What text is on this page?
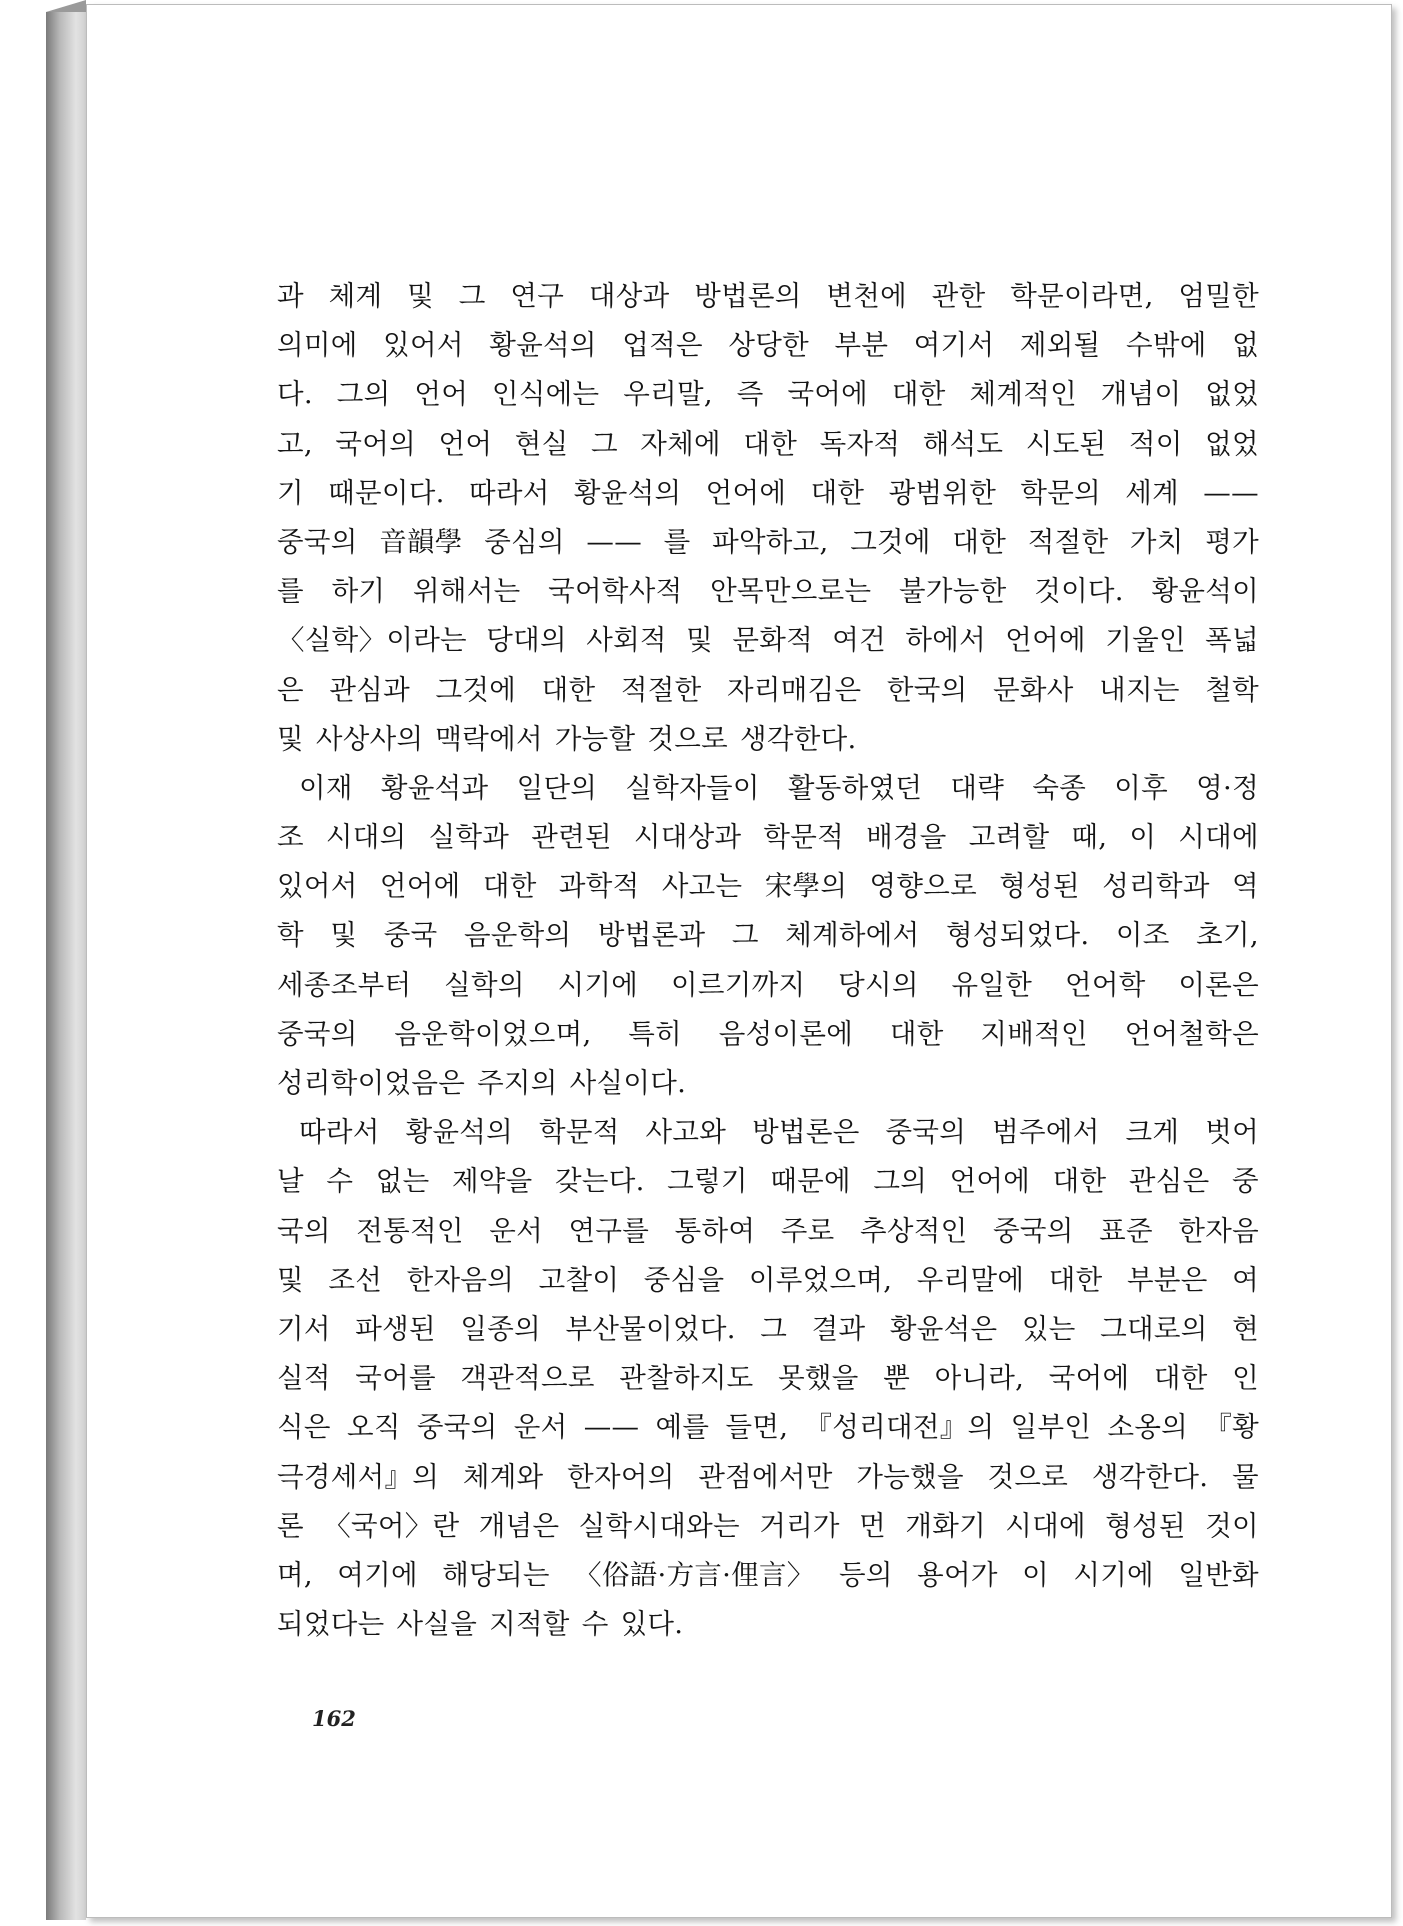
과 체계 및 그 연구 대상과 방법론의 변천에 관한 학문이라면, 엄밀한
의미에 있어서 황윤석의 업적은 상당한 부분 여기서 제외될 수밖에 없
다. 그의 언어 인식에는 우리말, 즉 국어에 대한 체계적인 개념이 없었
고, 국어의 언어 현실 그 자체에 대한 독자적 해석도 시도된 적이 없었
기 때문이다. 따라서 황윤석의 언어에 대한 광범위한 학문의 세계 ——
중국의 音韻學 중심의 —— 를 파악하고, 그것에 대한 적절한 가치 평가
를 하기 위해서는 국어학사적 안목만으로는 불가능한 것이다. 황윤석이
〈실학〉이라는 당대의 사회적 및 문화적 여건 하에서 언어에 기울인 폭넓
은 관심과 그것에 대한 적절한 자리매김은 한국의 문화사 내지는 철학
및 사상사의 맥락에서 가능할 것으로 생각한다.
이재 황윤석과 일단의 실학자들이 활동하였던 대략 숙종 이후 영·정
조 시대의 실학과 관련된 시대상과 학문적 배경을 고려할 때, 이 시대에
있어서 언어에 대한 과학적 사고는 宋學의 영향으로 형성된 성리학과 역
학 및 중국 음운학의 방법론과 그 체계하에서 형성되었다. 이조 초기,
세종조부터 실학의 시기에 이르기까지 당시의 유일한 언어학 이론은
중국의 음운학이었으며, 특히 음성이론에 대한 지배적인 언어철학은
성리학이었음은 주지의 사실이다.
따라서 황윤석의 학문적 사고와 방법론은 중국의 범주에서 크게 벗어
날 수 없는 제약을 갖는다. 그렇기 때문에 그의 언어에 대한 관심은 중
국의 전통적인 운서 연구를 통하여 주로 추상적인 중국의 표준 한자음
및 조선 한자음의 고찰이 중심을 이루었으며, 우리말에 대한 부분은 여
기서 파생된 일종의 부산물이었다. 그 결과 황윤석은 있는 그대로의 현
실적 국어를 객관적으로 관찰하지도 못했을 뿐 아니라, 국어에 대한 인
식은 오직 중국의 운서 —— 예를 들면, 『성리대전』의 일부인 소옹의 『황
극경세서』의 체계와 한자어의 관점에서만 가능했을 것으로 생각한다. 물
론 〈국어〉란 개념은 실학시대와는 거리가 먼 개화기 시대에 형성된 것이
며, 여기에 해당되는 〈俗語·方言·俚言〉 등의 용어가 이 시기에 일반화
되었다는 사실을 지적할 수 있다.
162
